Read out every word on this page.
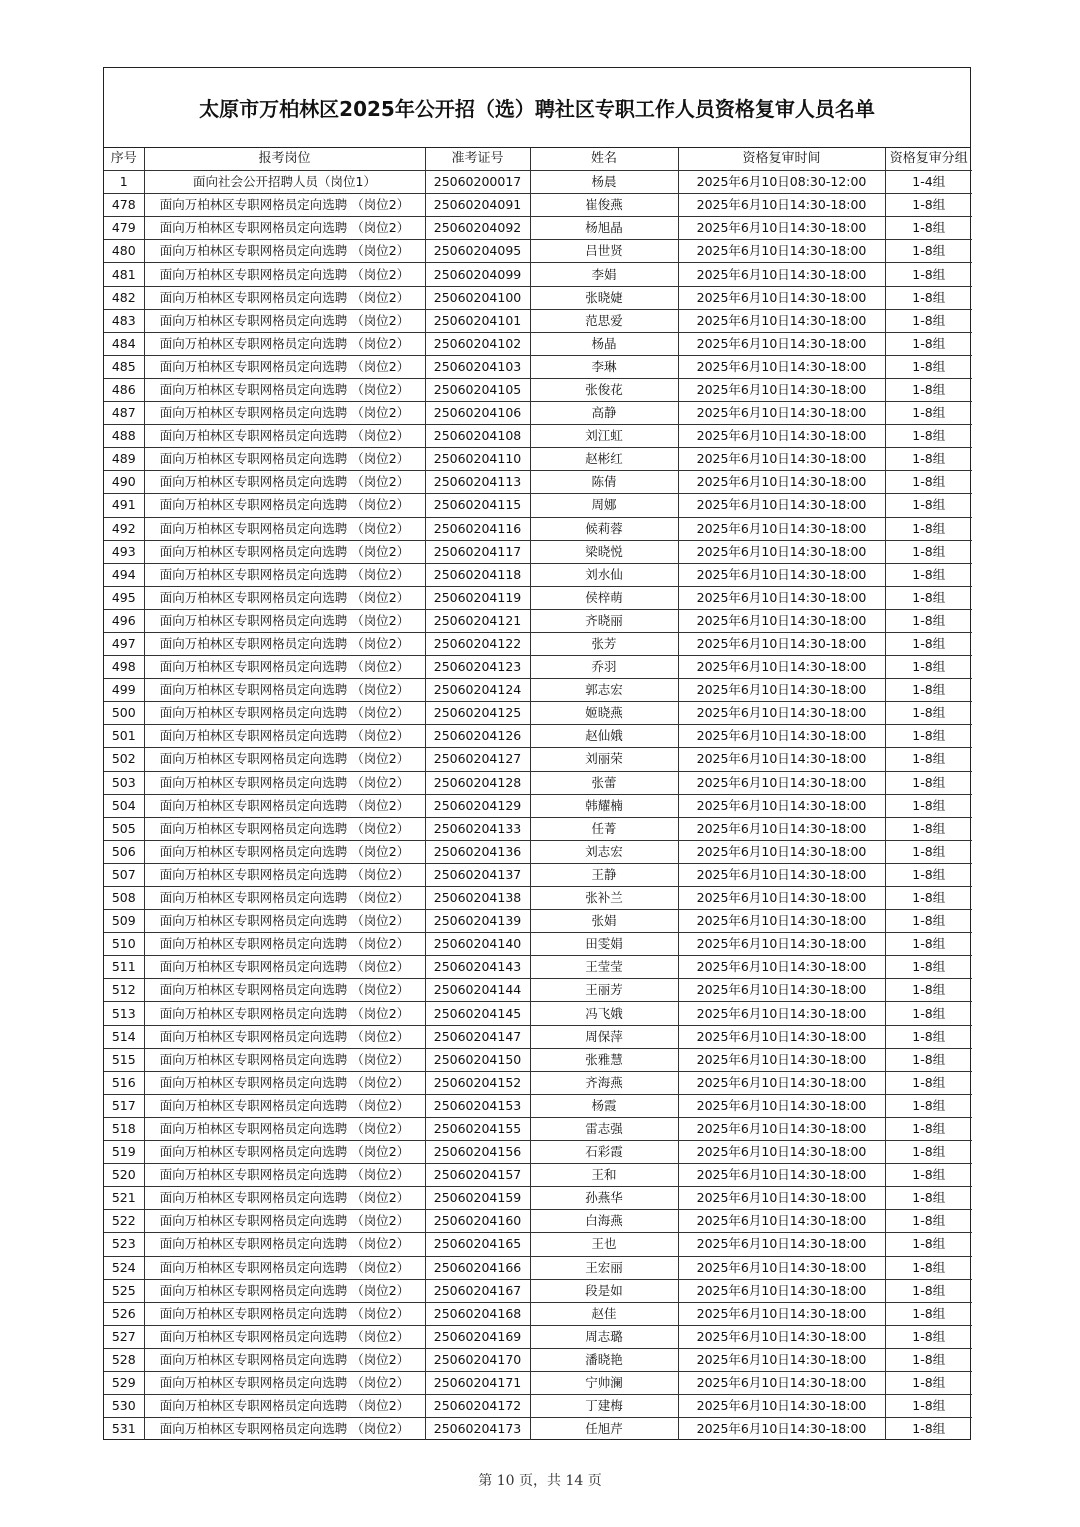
太原市万柏林区2025年公开招（选）聘社区专职工作人员资格复审人员名单
序号	报考岗位	准考证号	姓名	资格复审时间	资格复审分组
1	面向社会公开招聘人员（岗位1）	25060200017	杨晨	2025年6月10日08:30-12:00	1-4组
478	面向万柏林区专职网格员定向选聘 （岗位2）	25060204091	崔俊燕	2025年6月10日14:30-18:00	1-8组
479	面向万柏林区专职网格员定向选聘 （岗位2）	25060204092	杨旭晶	2025年6月10日14:30-18:00	1-8组
480	面向万柏林区专职网格员定向选聘 （岗位2）	25060204095	吕世贤	2025年6月10日14:30-18:00	1-8组
481	面向万柏林区专职网格员定向选聘 （岗位2）	25060204099	李娟	2025年6月10日14:30-18:00	1-8组
482	面向万柏林区专职网格员定向选聘 （岗位2）	25060204100	张晓婕	2025年6月10日14:30-18:00	1-8组
483	面向万柏林区专职网格员定向选聘 （岗位2）	25060204101	范思爱	2025年6月10日14:30-18:00	1-8组
484	面向万柏林区专职网格员定向选聘 （岗位2）	25060204102	杨晶	2025年6月10日14:30-18:00	1-8组
485	面向万柏林区专职网格员定向选聘 （岗位2）	25060204103	李琳	2025年6月10日14:30-18:00	1-8组
486	面向万柏林区专职网格员定向选聘 （岗位2）	25060204105	张俊花	2025年6月10日14:30-18:00	1-8组
487	面向万柏林区专职网格员定向选聘 （岗位2）	25060204106	高静	2025年6月10日14:30-18:00	1-8组
488	面向万柏林区专职网格员定向选聘 （岗位2）	25060204108	刘江虹	2025年6月10日14:30-18:00	1-8组
489	面向万柏林区专职网格员定向选聘 （岗位2）	25060204110	赵彬红	2025年6月10日14:30-18:00	1-8组
490	面向万柏林区专职网格员定向选聘 （岗位2）	25060204113	陈倩	2025年6月10日14:30-18:00	1-8组
491	面向万柏林区专职网格员定向选聘 （岗位2）	25060204115	周娜	2025年6月10日14:30-18:00	1-8组
492	面向万柏林区专职网格员定向选聘 （岗位2）	25060204116	候莉蓉	2025年6月10日14:30-18:00	1-8组
493	面向万柏林区专职网格员定向选聘 （岗位2）	25060204117	梁晓悦	2025年6月10日14:30-18:00	1-8组
494	面向万柏林区专职网格员定向选聘 （岗位2）	25060204118	刘水仙	2025年6月10日14:30-18:00	1-8组
495	面向万柏林区专职网格员定向选聘 （岗位2）	25060204119	侯梓萌	2025年6月10日14:30-18:00	1-8组
496	面向万柏林区专职网格员定向选聘 （岗位2）	25060204121	齐晓丽	2025年6月10日14:30-18:00	1-8组
497	面向万柏林区专职网格员定向选聘 （岗位2）	25060204122	张芳	2025年6月10日14:30-18:00	1-8组
498	面向万柏林区专职网格员定向选聘 （岗位2）	25060204123	乔羽	2025年6月10日14:30-18:00	1-8组
499	面向万柏林区专职网格员定向选聘 （岗位2）	25060204124	郭志宏	2025年6月10日14:30-18:00	1-8组
500	面向万柏林区专职网格员定向选聘 （岗位2）	25060204125	姬晓燕	2025年6月10日14:30-18:00	1-8组
501	面向万柏林区专职网格员定向选聘 （岗位2）	25060204126	赵仙娥	2025年6月10日14:30-18:00	1-8组
502	面向万柏林区专职网格员定向选聘 （岗位2）	25060204127	刘丽荣	2025年6月10日14:30-18:00	1-8组
503	面向万柏林区专职网格员定向选聘 （岗位2）	25060204128	张蕾	2025年6月10日14:30-18:00	1-8组
504	面向万柏林区专职网格员定向选聘 （岗位2）	25060204129	韩耀楠	2025年6月10日14:30-18:00	1-8组
505	面向万柏林区专职网格员定向选聘 （岗位2）	25060204133	任菁	2025年6月10日14:30-18:00	1-8组
506	面向万柏林区专职网格员定向选聘 （岗位2）	25060204136	刘志宏	2025年6月10日14:30-18:00	1-8组
507	面向万柏林区专职网格员定向选聘 （岗位2）	25060204137	王静	2025年6月10日14:30-18:00	1-8组
508	面向万柏林区专职网格员定向选聘 （岗位2）	25060204138	张补兰	2025年6月10日14:30-18:00	1-8组
509	面向万柏林区专职网格员定向选聘 （岗位2）	25060204139	张娟	2025年6月10日14:30-18:00	1-8组
510	面向万柏林区专职网格员定向选聘 （岗位2）	25060204140	田雯娟	2025年6月10日14:30-18:00	1-8组
511	面向万柏林区专职网格员定向选聘 （岗位2）	25060204143	王莹莹	2025年6月10日14:30-18:00	1-8组
512	面向万柏林区专职网格员定向选聘 （岗位2）	25060204144	王丽芳	2025年6月10日14:30-18:00	1-8组
513	面向万柏林区专职网格员定向选聘 （岗位2）	25060204145	冯飞娥	2025年6月10日14:30-18:00	1-8组
514	面向万柏林区专职网格员定向选聘 （岗位2）	25060204147	周保萍	2025年6月10日14:30-18:00	1-8组
515	面向万柏林区专职网格员定向选聘 （岗位2）	25060204150	张雅慧	2025年6月10日14:30-18:00	1-8组
516	面向万柏林区专职网格员定向选聘 （岗位2）	25060204152	齐海燕	2025年6月10日14:30-18:00	1-8组
517	面向万柏林区专职网格员定向选聘 （岗位2）	25060204153	杨霞	2025年6月10日14:30-18:00	1-8组
518	面向万柏林区专职网格员定向选聘 （岗位2）	25060204155	雷志强	2025年6月10日14:30-18:00	1-8组
519	面向万柏林区专职网格员定向选聘 （岗位2）	25060204156	石彩霞	2025年6月10日14:30-18:00	1-8组
520	面向万柏林区专职网格员定向选聘 （岗位2）	25060204157	王和	2025年6月10日14:30-18:00	1-8组
521	面向万柏林区专职网格员定向选聘 （岗位2）	25060204159	孙燕华	2025年6月10日14:30-18:00	1-8组
522	面向万柏林区专职网格员定向选聘 （岗位2）	25060204160	白海燕	2025年6月10日14:30-18:00	1-8组
523	面向万柏林区专职网格员定向选聘 （岗位2）	25060204165	王也	2025年6月10日14:30-18:00	1-8组
524	面向万柏林区专职网格员定向选聘 （岗位2）	25060204166	王宏丽	2025年6月10日14:30-18:00	1-8组
525	面向万柏林区专职网格员定向选聘 （岗位2）	25060204167	段是如	2025年6月10日14:30-18:00	1-8组
526	面向万柏林区专职网格员定向选聘 （岗位2）	25060204168	赵佳	2025年6月10日14:30-18:00	1-8组
527	面向万柏林区专职网格员定向选聘 （岗位2）	25060204169	周志璐	2025年6月10日14:30-18:00	1-8组
528	面向万柏林区专职网格员定向选聘 （岗位2）	25060204170	潘晓艳	2025年6月10日14:30-18:00	1-8组
529	面向万柏林区专职网格员定向选聘 （岗位2）	25060204171	宁帅澜	2025年6月10日14:30-18:00	1-8组
530	面向万柏林区专职网格员定向选聘 （岗位2）	25060204172	丁建梅	2025年6月10日14:30-18:00	1-8组
531	面向万柏林区专职网格员定向选聘 （岗位2）	25060204173	任旭芹	2025年6月10日14:30-18:00	1-8组
第 10 页，共 14 页
